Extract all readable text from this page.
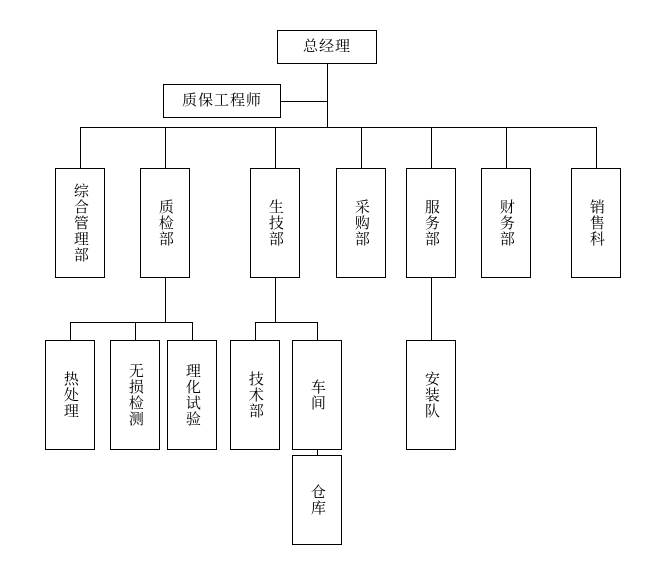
总经理
质保工程师
综合管理部	质检部	生技部	采购部	服务部	财务部	销售科
热处理	无损检测	理化试验	技术部	车间	安装队
仓库
